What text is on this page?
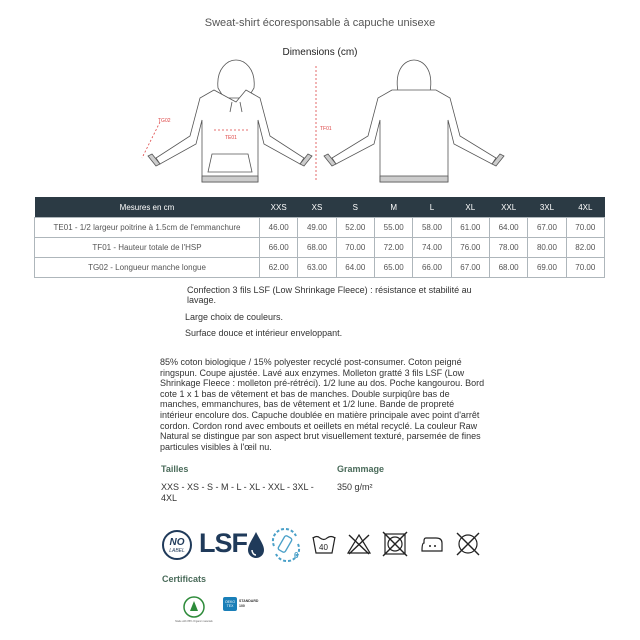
Sweat-shirt écoresponsable à capuche unisexe
Dimensions (cm)
TE01
TG02
TF01
Mesures en cm	XXS	XS	S	M	L	XL	XXL	3XL	4XL
TE01 - 1/2 largeur poitrine à 1.5cm de l'emmanchure	46.00	49.00	52.00	55.00	58.00	61.00	64.00	67.00	70.00
TF01 - Hauteur totale de l'HSP	66.00	68.00	70.00	72.00	74.00	76.00	78.00	80.00	82.00
TG02 - Longueur manche longue	62.00	63.00	64.00	65.00	66.00	67.00	68.00	69.00	70.00
Confection 3 fils LSF (Low Shrinkage Fleece) : résistance et stabilité au lavage.
Large choix de couleurs.
Surface douce et intérieur enveloppant.
85% coton biologique / 15% polyester recyclé post-consumer. Coton peigné ringspun. Coupe ajustée. Lavé aux enzymes. Molleton gratté 3 fils LSF (Low Shrinkage Fleece : molleton pré-rétréci). 1/2 lune au dos. Poche kangourou. Bord cote 1 x 1 bas de vêtement et bas de manches. Double surpiqûre bas de manches, emmanchures, bas de vêtement et 1/2 lune. Bande de propreté intérieur encolure dos. Capuche doublée en matière principale avec point d'arrêt cordon. Cordon rond avec embouts et oeillets en métal recyclé. La couleur Raw Natural se distingue par son aspect brut visuellement texturé, parsemée de fines particules visibles à l'œil nu.
Tailles
XXS - XS - S - M - L - XL - XXL - 3XL - 4XL
Grammage
350 g/m²
NO
LABEL LSF	6
40
Certificats
Made with 85% Organic materials
OEKO
TEX
STANDARD
100
